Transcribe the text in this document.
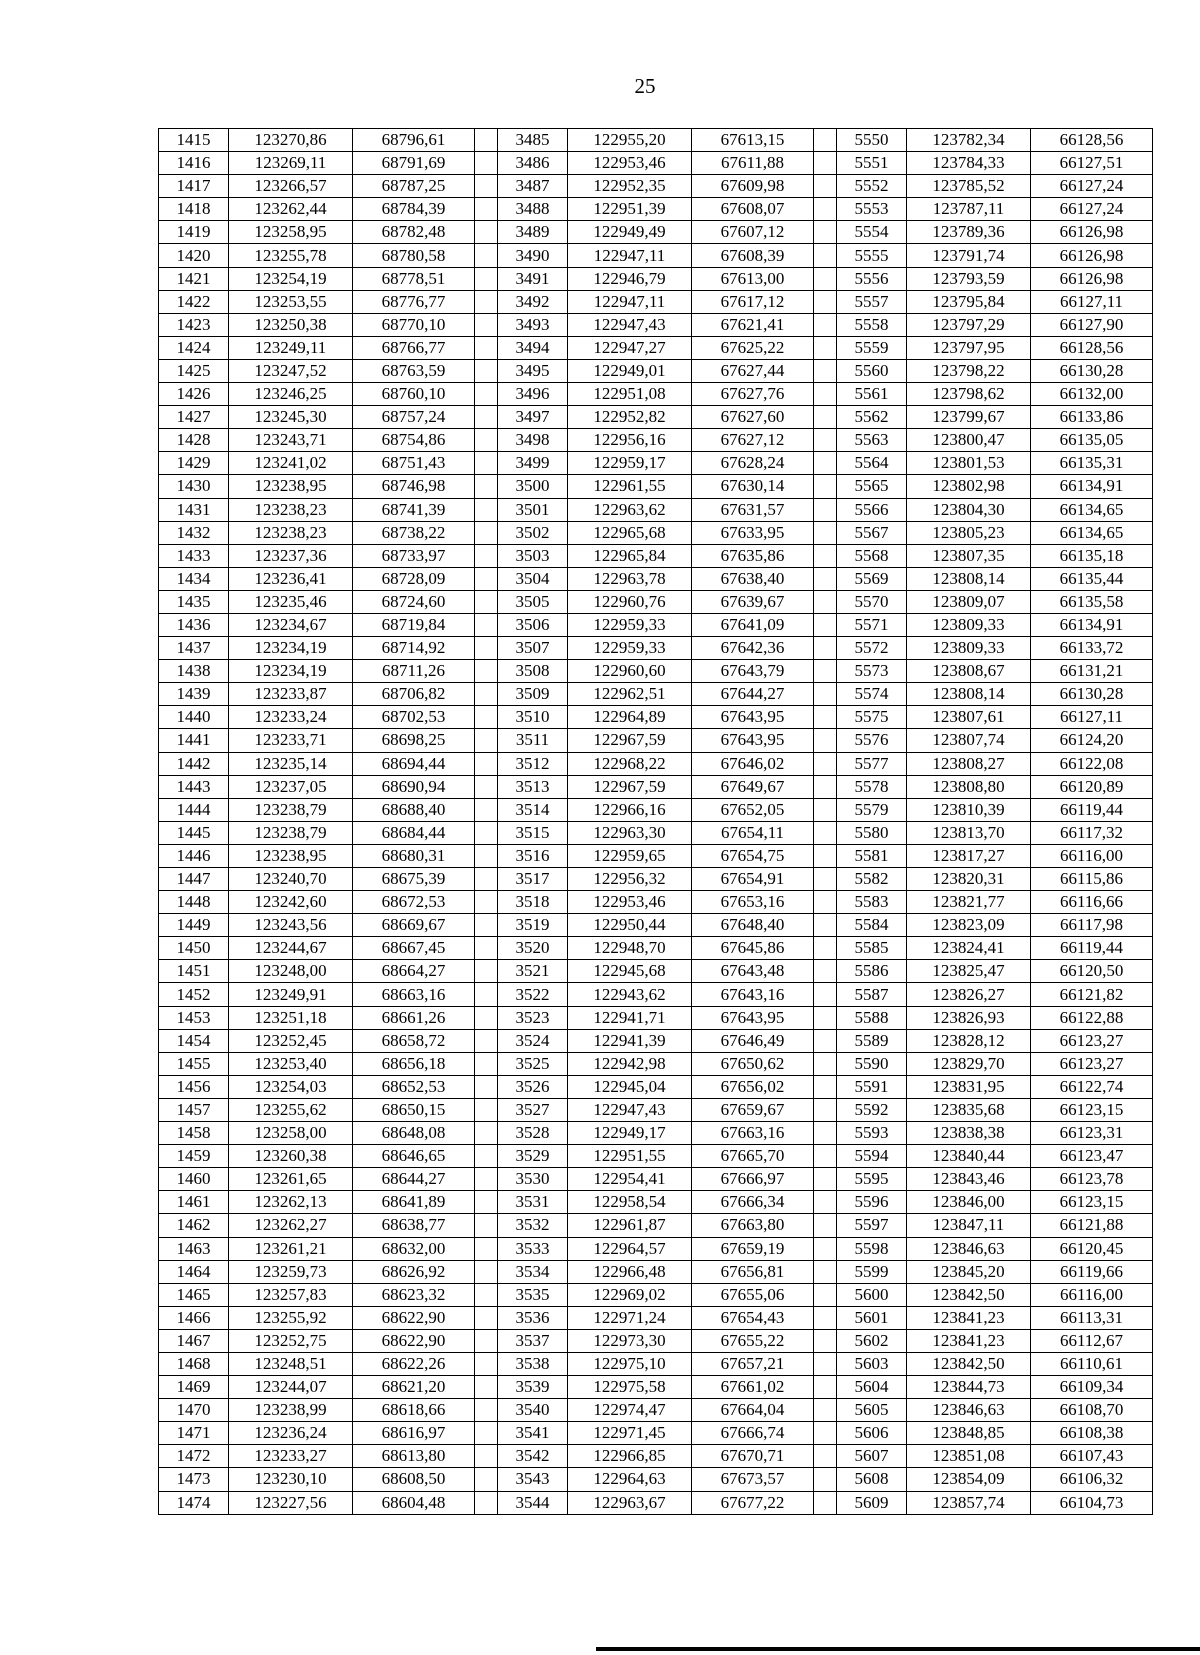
25
1415	123270,86	68796,61		3485	122955,20	67613,15		5550	123782,34	66128,56
1416	123269,11	68791,69		3486	122953,46	67611,88		5551	123784,33	66127,51
1417	123266,57	68787,25		3487	122952,35	67609,98		5552	123785,52	66127,24
1418	123262,44	68784,39		3488	122951,39	67608,07		5553	123787,11	66127,24
1419	123258,95	68782,48		3489	122949,49	67607,12		5554	123789,36	66126,98
1420	123255,78	68780,58		3490	122947,11	67608,39		5555	123791,74	66126,98
1421	123254,19	68778,51		3491	122946,79	67613,00		5556	123793,59	66126,98
1422	123253,55	68776,77		3492	122947,11	67617,12		5557	123795,84	66127,11
1423	123250,38	68770,10		3493	122947,43	67621,41		5558	123797,29	66127,90
1424	123249,11	68766,77		3494	122947,27	67625,22		5559	123797,95	66128,56
1425	123247,52	68763,59		3495	122949,01	67627,44		5560	123798,22	66130,28
1426	123246,25	68760,10		3496	122951,08	67627,76		5561	123798,62	66132,00
1427	123245,30	68757,24		3497	122952,82	67627,60		5562	123799,67	66133,86
1428	123243,71	68754,86		3498	122956,16	67627,12		5563	123800,47	66135,05
1429	123241,02	68751,43		3499	122959,17	67628,24		5564	123801,53	66135,31
1430	123238,95	68746,98		3500	122961,55	67630,14		5565	123802,98	66134,91
1431	123238,23	68741,39		3501	122963,62	67631,57		5566	123804,30	66134,65
1432	123238,23	68738,22		3502	122965,68	67633,95		5567	123805,23	66134,65
1433	123237,36	68733,97		3503	122965,84	67635,86		5568	123807,35	66135,18
1434	123236,41	68728,09		3504	122963,78	67638,40		5569	123808,14	66135,44
1435	123235,46	68724,60		3505	122960,76	67639,67		5570	123809,07	66135,58
1436	123234,67	68719,84		3506	122959,33	67641,09		5571	123809,33	66134,91
1437	123234,19	68714,92		3507	122959,33	67642,36		5572	123809,33	66133,72
1438	123234,19	68711,26		3508	122960,60	67643,79		5573	123808,67	66131,21
1439	123233,87	68706,82		3509	122962,51	67644,27		5574	123808,14	66130,28
1440	123233,24	68702,53		3510	122964,89	67643,95		5575	123807,61	66127,11
1441	123233,71	68698,25		3511	122967,59	67643,95		5576	123807,74	66124,20
1442	123235,14	68694,44		3512	122968,22	67646,02		5577	123808,27	66122,08
1443	123237,05	68690,94		3513	122967,59	67649,67		5578	123808,80	66120,89
1444	123238,79	68688,40		3514	122966,16	67652,05		5579	123810,39	66119,44
1445	123238,79	68684,44		3515	122963,30	67654,11		5580	123813,70	66117,32
1446	123238,95	68680,31		3516	122959,65	67654,75		5581	123817,27	66116,00
1447	123240,70	68675,39		3517	122956,32	67654,91		5582	123820,31	66115,86
1448	123242,60	68672,53		3518	122953,46	67653,16		5583	123821,77	66116,66
1449	123243,56	68669,67		3519	122950,44	67648,40		5584	123823,09	66117,98
1450	123244,67	68667,45		3520	122948,70	67645,86		5585	123824,41	66119,44
1451	123248,00	68664,27		3521	122945,68	67643,48		5586	123825,47	66120,50
1452	123249,91	68663,16		3522	122943,62	67643,16		5587	123826,27	66121,82
1453	123251,18	68661,26		3523	122941,71	67643,95		5588	123826,93	66122,88
1454	123252,45	68658,72		3524	122941,39	67646,49		5589	123828,12	66123,27
1455	123253,40	68656,18		3525	122942,98	67650,62		5590	123829,70	66123,27
1456	123254,03	68652,53		3526	122945,04	67656,02		5591	123831,95	66122,74
1457	123255,62	68650,15		3527	122947,43	67659,67		5592	123835,68	66123,15
1458	123258,00	68648,08		3528	122949,17	67663,16		5593	123838,38	66123,31
1459	123260,38	68646,65		3529	122951,55	67665,70		5594	123840,44	66123,47
1460	123261,65	68644,27		3530	122954,41	67666,97		5595	123843,46	66123,78
1461	123262,13	68641,89		3531	122958,54	67666,34		5596	123846,00	66123,15
1462	123262,27	68638,77		3532	122961,87	67663,80		5597	123847,11	66121,88
1463	123261,21	68632,00		3533	122964,57	67659,19		5598	123846,63	66120,45
1464	123259,73	68626,92		3534	122966,48	67656,81		5599	123845,20	66119,66
1465	123257,83	68623,32		3535	122969,02	67655,06		5600	123842,50	66116,00
1466	123255,92	68622,90		3536	122971,24	67654,43		5601	123841,23	66113,31
1467	123252,75	68622,90		3537	122973,30	67655,22		5602	123841,23	66112,67
1468	123248,51	68622,26		3538	122975,10	67657,21		5603	123842,50	66110,61
1469	123244,07	68621,20		3539	122975,58	67661,02		5604	123844,73	66109,34
1470	123238,99	68618,66		3540	122974,47	67664,04		5605	123846,63	66108,70
1471	123236,24	68616,97		3541	122971,45	67666,74		5606	123848,85	66108,38
1472	123233,27	68613,80		3542	122966,85	67670,71		5607	123851,08	66107,43
1473	123230,10	68608,50		3543	122964,63	67673,57		5608	123854,09	66106,32
1474	123227,56	68604,48		3544	122963,67	67677,22		5609	123857,74	66104,73
